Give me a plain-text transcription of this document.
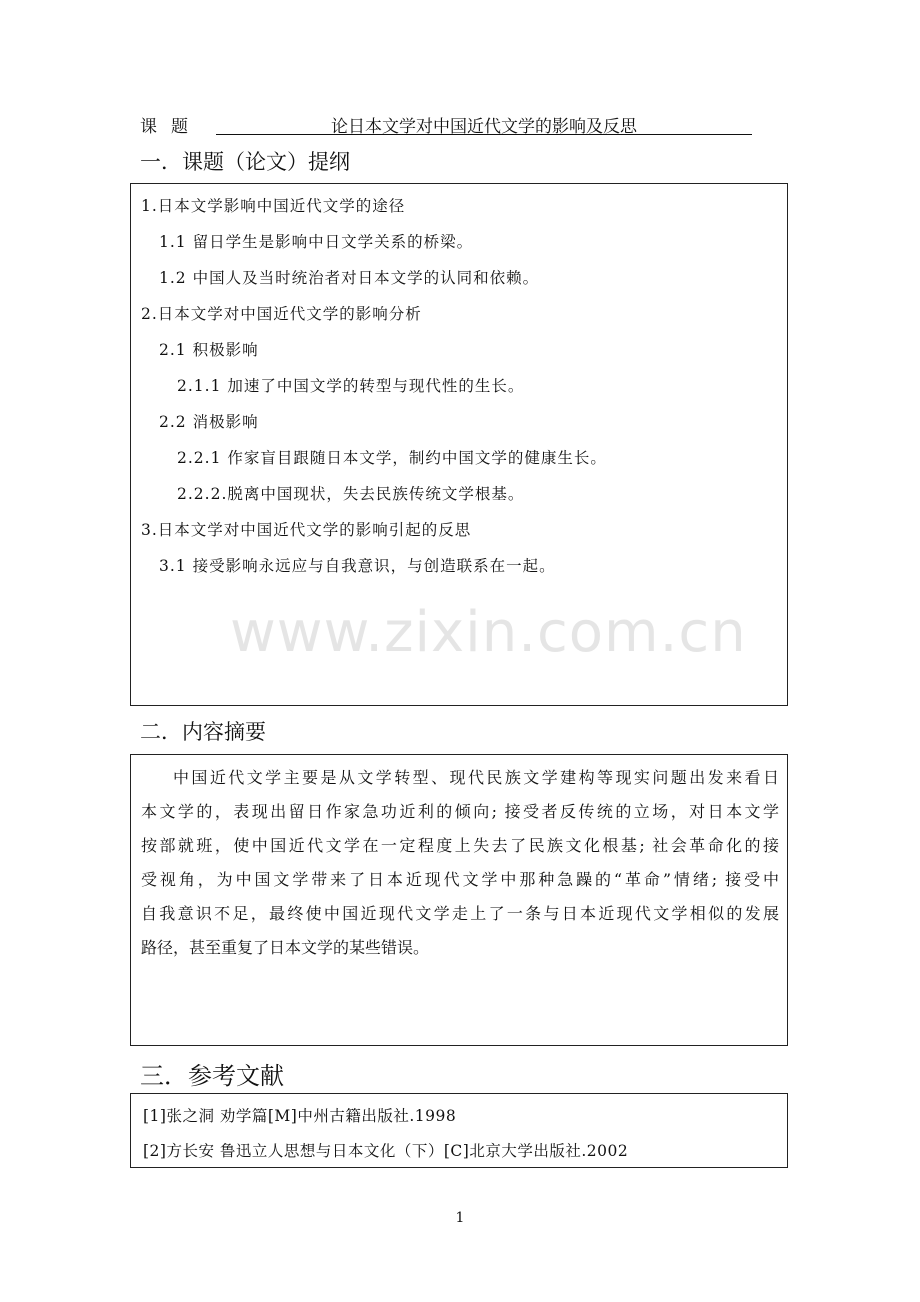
课题	论日本文学对中国近代文学的影响及反思
一．课题（论文）提纲
1.日本文学影响中国近代文学的途径
1.1 留日学生是影响中日文学关系的桥梁。
1.2 中国人及当时统治者对日本文学的认同和依赖。
2.日本文学对中国近代文学的影响分析
2.1 积极影响
2.1.1 加速了中国文学的转型与现代性的生长。
2.2 消极影响
2.2.1 作家盲目跟随日本文学，制约中国文学的健康生长。
2.2.2.脱离中国现状，失去民族传统文学根基。
3.日本文学对中国近代文学的影响引起的反思
3.1 接受影响永远应与自我意识，与创造联系在一起。
www.zixin.com.cn
二．内容摘要
中国近代文学主要是从文学转型、现代民族文学建构等现实问题出发来看日
本文学的，表现出留日作家急功近利的倾向; 接受者反传统的立场，对日本文学
按部就班，使中国近代文学在一定程度上失去了民族文化根基; 社会革命化的接
受视角，为中国文学带来了日本近现代文学中那种急躁的“革命”情绪; 接受中
自我意识不足，最终使中国近现代文学走上了一条与日本近现代文学相似的发展
路径，甚至重复了日本文学的某些错误。
三．参考文献
[1]张之洞 劝学篇[M]中州古籍出版社.1998
[2]方长安 鲁迅立人思想与日本文化（下）[C]北京大学出版社.2002
1
